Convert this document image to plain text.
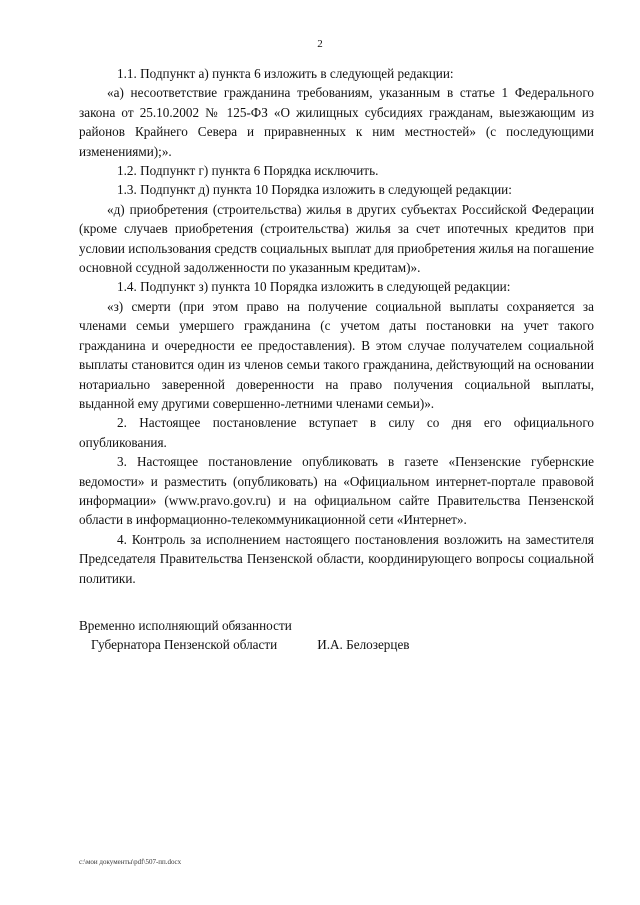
2

1.1. Подпункт а) пункта 6 изложить в следующей редакции:

«а) несоответствие гражданина требованиям, указанным в статье 1 Федерального закона от 25.10.2002 № 125-ФЗ «О жилищных субсидиях гражданам, выезжающим из районов Крайнего Севера и приравненных к ним местностей» (с последующими изменениями);».

1.2. Подпункт г) пункта 6 Порядка исключить.

1.3. Подпункт д) пункта 10 Порядка изложить в следующей редакции:

«д) приобретения (строительства) жилья в других субъектах Российской Федерации (кроме случаев приобретения (строительства) жилья за счет ипотечных кредитов при условии использования средств социальных выплат для приобретения жилья на погашение основной ссудной задолженности по указанным кредитам)».

1.4. Подпункт з) пункта 10 Порядка изложить в следующей редакции:

«з) смерти (при этом право на получение социальной выплаты сохраняется за членами семьи умершего гражданина (с учетом даты постановки на учет такого гражданина и очередности ее предоставления). В этом случае получателем социальной выплаты становится один из членов семьи такого гражданина, действующий на основании нотариально заверенной доверенности на право получения социальной выплаты, выданной ему другими совершенно-летними членами семьи)».

2. Настоящее постановление вступает в силу со дня его официального опубликования.

3. Настоящее постановление опубликовать в газете «Пензенские губернские ведомости» и разместить (опубликовать) на «Официальном интернет-портале правовой информации» (www.pravo.gov.ru) и на официальном сайте Правительства Пензенской области в информационно-телекоммуникационной сети «Интернет».

4. Контроль за исполнением настоящего постановления возложить на заместителя Председателя Правительства Пензенской области, координирующего вопросы социальной политики.

Временно исполняющий обязанности

Губернатора Пензенской области	И.А. Белозерцев

c:\мои документы\pdf\507-пп.docx
